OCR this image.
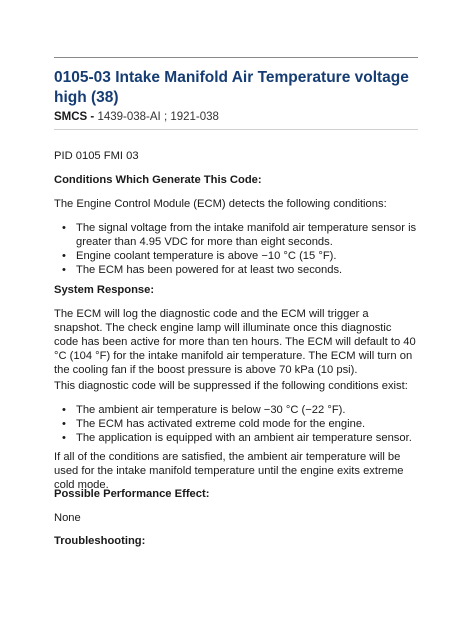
0105-03 Intake Manifold Air Temperature voltage high (38)
SMCS - 1439-038-AI ; 1921-038

PID 0105 FMI 03

Conditions Which Generate This Code:

The Engine Control Module (ECM) detects the following conditions:

• The signal voltage from the intake manifold air temperature sensor is greater than 4.95 VDC for more than eight seconds.
• Engine coolant temperature is above −10 °C (15 °F).
• The ECM has been powered for at least two seconds.

System Response:

The ECM will log the diagnostic code and the ECM will trigger a snapshot. The check engine lamp will illuminate once this diagnostic code has been active for more than ten hours. The ECM will default to 40 °C (104 °F) for the intake manifold air temperature. The ECM will turn on the cooling fan if the boost pressure is above 70 kPa (10 psi).

This diagnostic code will be suppressed if the following conditions exist:

• The ambient air temperature is below −30 °C (−22 °F).
• The ECM has activated extreme cold mode for the engine.
• The application is equipped with an ambient air temperature sensor.

If all of the conditions are satisfied, the ambient air temperature will be used for the intake manifold temperature until the engine exits extreme cold mode.

Possible Performance Effect:

None

Troubleshooting:
